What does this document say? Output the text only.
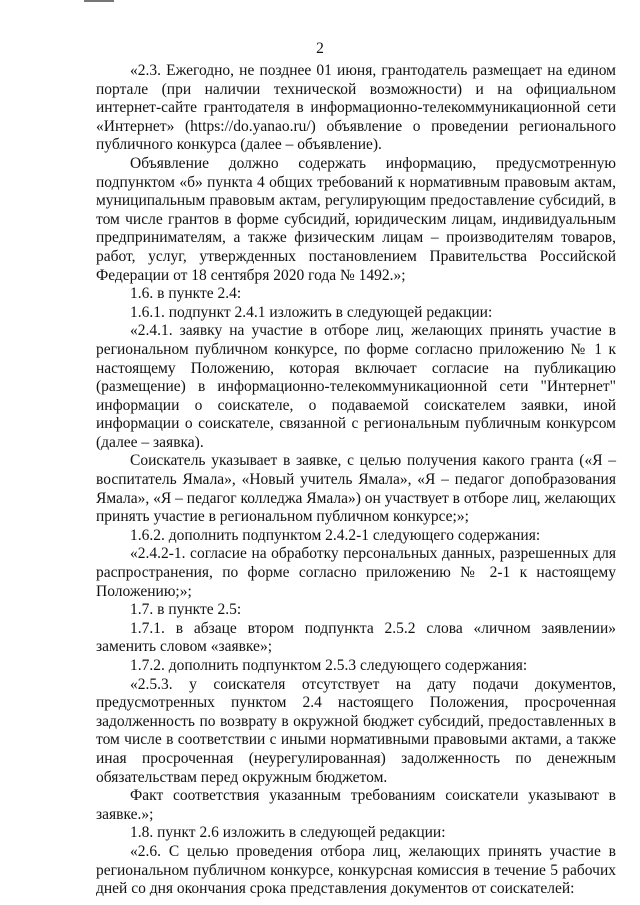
2

«2.3. Ежегодно, не позднее 01 июня, грантодатель размещает на едином портале (при наличии технической возможности) и на официальном интернет-сайте грантодателя в информационно-телекоммуникационной сети «Интернет» (https://do.yanao.ru/) объявление о проведении регионального публичного конкурса (далее – объявление).

Объявление должно содержать информацию, предусмотренную подпунктом «б» пункта 4 общих требований к нормативным правовым актам, муниципальным правовым актам, регулирующим предоставление субсидий, в том числе грантов в форме субсидий, юридическим лицам, индивидуальным предпринимателям, а также физическим лицам – производителям товаров, работ, услуг, утвержденных постановлением Правительства Российской Федерации от 18 сентября 2020 года № 1492.»;

1.6. в пункте 2.4:

1.6.1. подпункт 2.4.1 изложить в следующей редакции:

«2.4.1. заявку на участие в отборе лиц, желающих принять участие в региональном публичном конкурсе, по форме согласно приложению № 1 к настоящему Положению, которая включает согласие на публикацию (размещение) в информационно-телекоммуникационной сети "Интернет" информации о соискателе, о подаваемой соискателем заявки, иной информации о соискателе, связанной с региональным публичным конкурсом (далее – заявка).

Соискатель указывает в заявке, с целью получения какого гранта («Я – воспитатель Ямала», «Новый учитель Ямала», «Я – педагог допобразования Ямала», «Я – педагог колледжа Ямала») он участвует в отборе лиц, желающих принять участие в региональном публичном конкурсе;»;

1.6.2. дополнить подпунктом 2.4.2-1 следующего содержания:

«2.4.2-1. согласие на обработку персональных данных, разрешенных для распространения, по форме согласно приложению № 2-1 к настоящему Положению;»;

1.7. в пункте 2.5:

1.7.1. в абзаце втором подпункта 2.5.2 слова «личном заявлении» заменить словом «заявке»;

1.7.2. дополнить подпунктом 2.5.3 следующего содержания:

«2.5.3. у соискателя отсутствует на дату подачи документов, предусмотренных пунктом 2.4 настоящего Положения, просроченная задолженность по возврату в окружной бюджет субсидий, предоставленных в том числе в соответствии с иными нормативными правовыми актами, а также иная просроченная (неурегулированная) задолженность по денежным обязательствам перед окружным бюджетом.

Факт соответствия указанным требованиям соискатели указывают в заявке.»;

1.8. пункт 2.6 изложить в следующей редакции:

«2.6. С целью проведения отбора лиц, желающих принять участие в региональном публичном конкурсе, конкурсная комиссия в течение 5 рабочих дней со дня окончания срока представления документов от соискателей:
